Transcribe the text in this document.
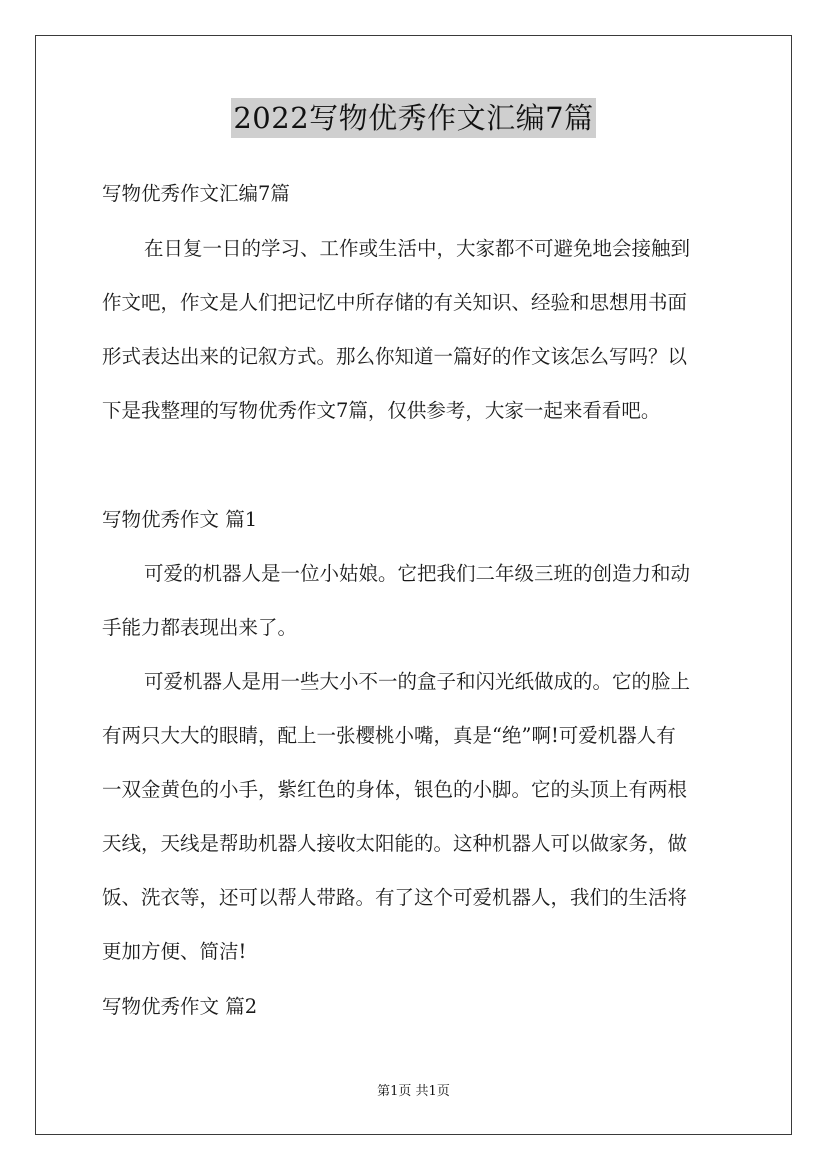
2022写物优秀作文汇编7篇
写物优秀作文汇编7篇
在日复一日的学习、工作或生活中，大家都不可避免地会接触到
作文吧，作文是人们把记忆中所存储的有关知识、经验和思想用书面
形式表达出来的记叙方式。那么你知道一篇好的作文该怎么写吗？以
下是我整理的写物优秀作文7篇，仅供参考，大家一起来看看吧。
写物优秀作文 篇1
可爱的机器人是一位小姑娘。它把我们二年级三班的创造力和动
手能力都表现出来了。
可爱机器人是用一些大小不一的盒子和闪光纸做成的。它的脸上
有两只大大的眼睛，配上一张樱桃小嘴，真是“绝”啊!可爱机器人有
一双金黄色的小手，紫红色的身体，银色的小脚。它的头顶上有两根
天线，天线是帮助机器人接收太阳能的。这种机器人可以做家务，做
饭、洗衣等，还可以帮人带路。有了这个可爱机器人，我们的生活将
更加方便、简洁!
写物优秀作文 篇2
第1页 共1页
